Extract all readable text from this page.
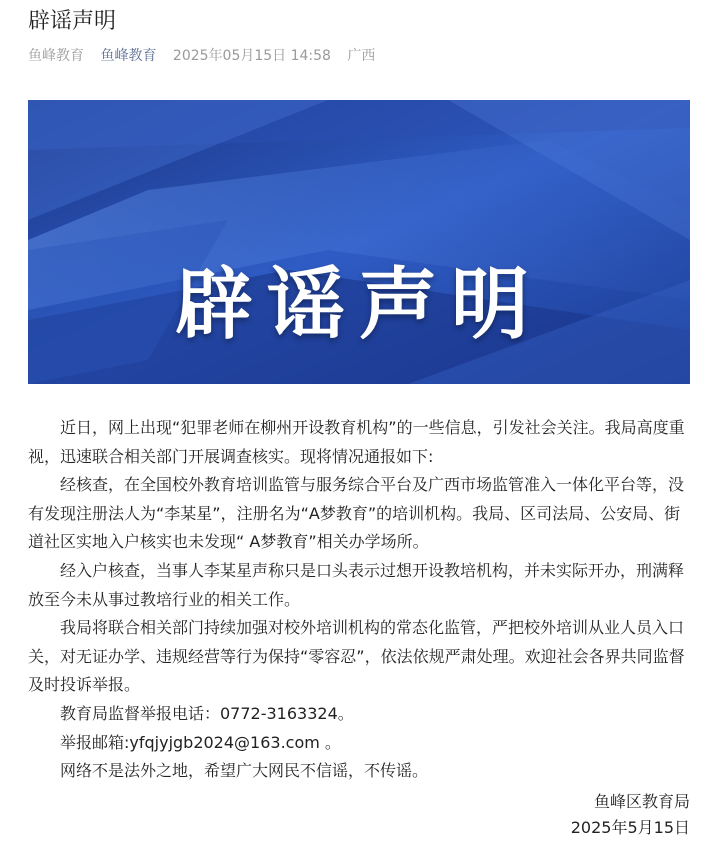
辟谣声明
鱼峰教育 鱼峰教育 2025年05月15日 14:58 广西
辟谣声明

近日，网上出现“犯罪老师在柳州开设教育机构”的一些信息，引发社会关注。我局高度重视，迅速联合相关部门开展调查核实。现将情况通报如下:

经核查，在全国校外教育培训监管与服务综合平台及广西市场监管准入一体化平台等，没有发现注册法人为“李某星”，注册名为“A梦教育”的培训机构。我局、区司法局、公安局、街道社区实地入户核实也未发现“ A梦教育”相关办学场所。

经入户核查，当事人李某星声称只是口头表示过想开设教培机构，并未实际开办，刑满释放至今未从事过教培行业的相关工作。

我局将联合相关部门持续加强对校外培训机构的常态化监管，严把校外培训从业人员入口关，对无证办学、违规经营等行为保持“零容忍”，依法依规严肃处理。欢迎社会各界共同监督及时投诉举报。

教育局监督举报电话：0772-3163324。

举报邮箱:yfqjyjgb2024@163.com 。

网络不是法外之地，希望广大网民不信谣，不传谣。

鱼峰区教育局
2025年5月15日
